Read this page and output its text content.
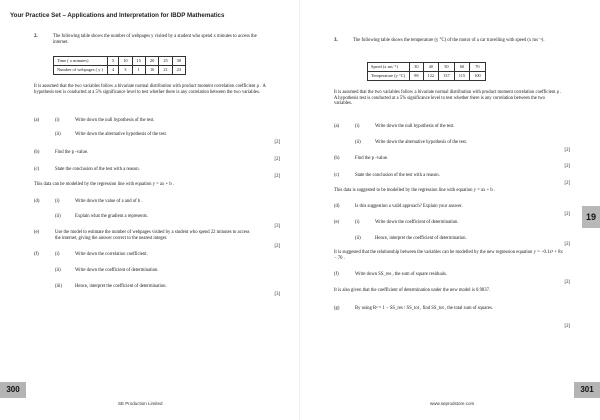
Your Practice Set – Applications and Interpretation for IBDP Mathematics
2.	The following table shows the number of webpages y visited by a student who spend x minutes to access the internet.
Time ( x minutes)	5	10	15	20	25	30
Number of webpages ( y )	4	3	1	16	21	23
It is assumed that the two variables follow a bivariate normal distribution with product moment correlation coefficient ρ . A hypothesis test is conducted at a 5% significance level to test whether there is any correlation between the two variables.
(a)	(i)	Write down the null hypothesis of the test.
(ii)	Write down the alternative hypothesis of the test.
[2]
(b)	Find the p -value.
[2]
(c)	State the conclusion of the test with a reason.
[2]
This data can be modelled by the regression line with equation y = ax + b .
(d)	(i)	Write down the value of a and of b .
(ii)	Explain what the gradient a represents.
[3]
(e)	Use the model to estimate the number of webpages visited by a student who spend 22 minutes to access the internet, giving the answer correct to the nearest integer.
[2]
(f)	(i)	Write down the correlation coefficient.
(ii)	Write down the coefficient of determination.
(iii)	Hence, interpret the coefficient of determination.
[3]
3.	The following table shows the temperature (y °C) of the motor of a car travelling with speed (x ms⁻¹).
Speed (x ms⁻¹)	30	40	50	60	70
Temperature (y °C)	98	122	137	115	100
It is assumed that the two variables follow a bivariate normal distribution with product moment correlation coefficient ρ . A hypothesis test is conducted at a 5% significance level to test whether there is any correlation between the two variables.
(a)	(i)	Write down the null hypothesis of the test.
(ii)	Write down the alternative hypothesis of the test.
[2]
(b)	Find the p -value.
[2]
(c)	State the conclusion of the test with a reason.
[2]
This data is suggested to be modelled by the regression line with equation y = ax + b .
(d)	Is this suggestion a valid approach? Explain your answer.
[2]
(e)	(i)	Write down the coefficient of determination.
(ii)	Hence, interpret the coefficient of determination.
[2]
It is suggested that the relationship between the variables can be modelled by the new regression equation y = −0.1x² + 8x − 70 .
(f)	Write down SS_res , the sum of square residuals.
[2]
It is also given that the coefficient of determination under the new model is 0.9837.
(g)	By using R² = 1 − SS_res / SS_tot , find SS_tot , the total sum of squares.
[2]
19
300	301
SE Production Limited	www.seprodstore.com
